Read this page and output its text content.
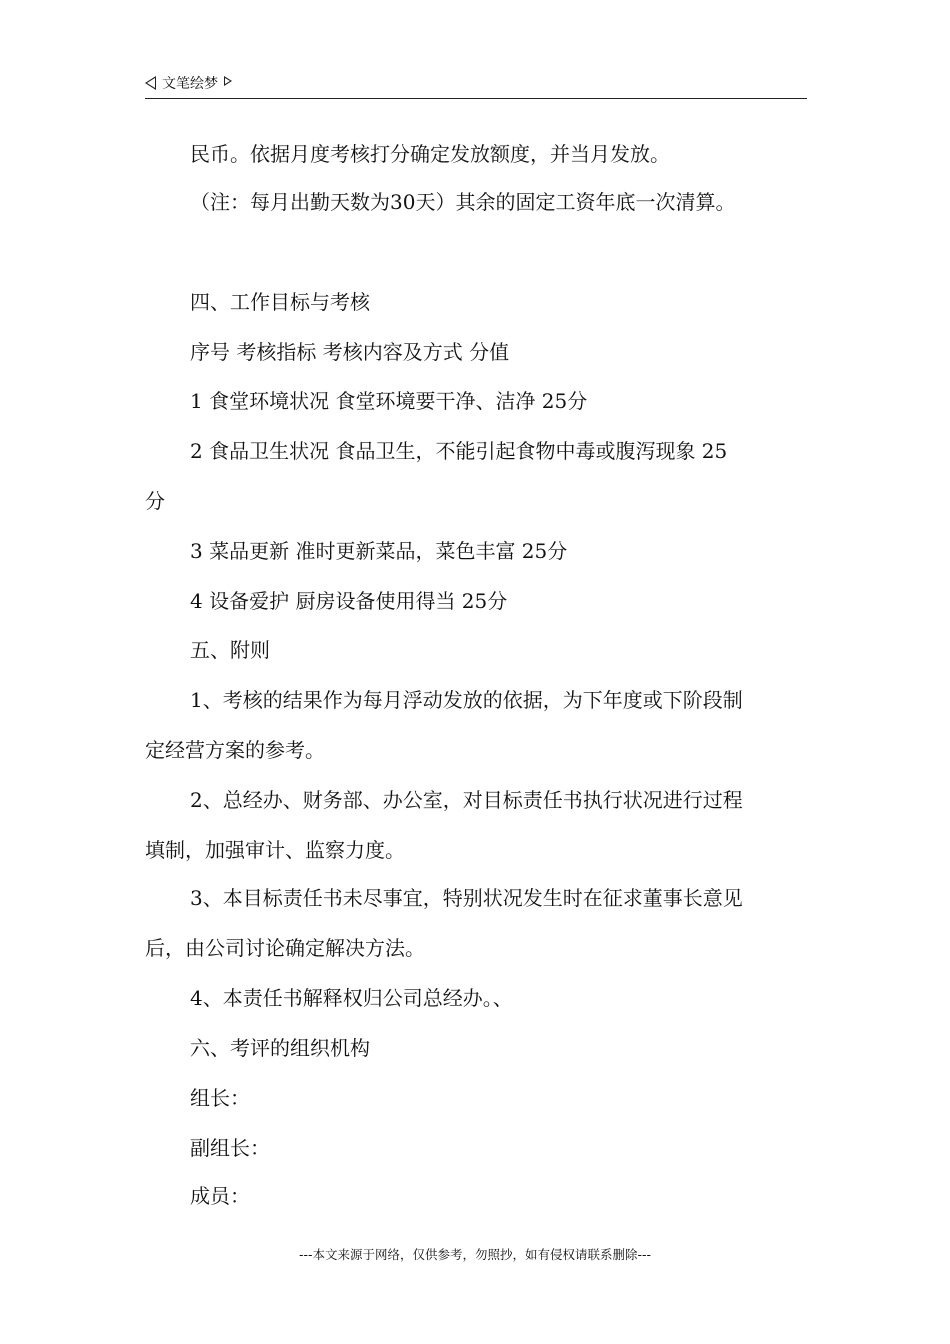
文笔绘梦
民币。依据月度考核打分确定发放额度，并当月发放。
（注：每月出勤天数为30天）其余的固定工资年底一次清算。
四、工作目标与考核
序号 考核指标 考核内容及方式 分值
1 食堂环境状况 食堂环境要干净、洁净 25分
2 食品卫生状况 食品卫生，不能引起食物中毒或腹泻现象 25
分
3 菜品更新 准时更新菜品，菜色丰富 25分
4 设备爱护 厨房设备使用得当 25分
五、附则
1、考核的结果作为每月浮动发放的依据，为下年度或下阶段制
定经营方案的参考。
2、总经办、财务部、办公室，对目标责任书执行状况进行过程
填制，加强审计、监察力度。
3、本目标责任书未尽事宜，特别状况发生时在征求董事长意见
后，由公司讨论确定解决方法。
4、本责任书解释权归公司总经办。、
六、考评的组织机构
组长：
副组长：
成员：
---本文来源于网络，仅供参考，勿照抄，如有侵权请联系删除---
